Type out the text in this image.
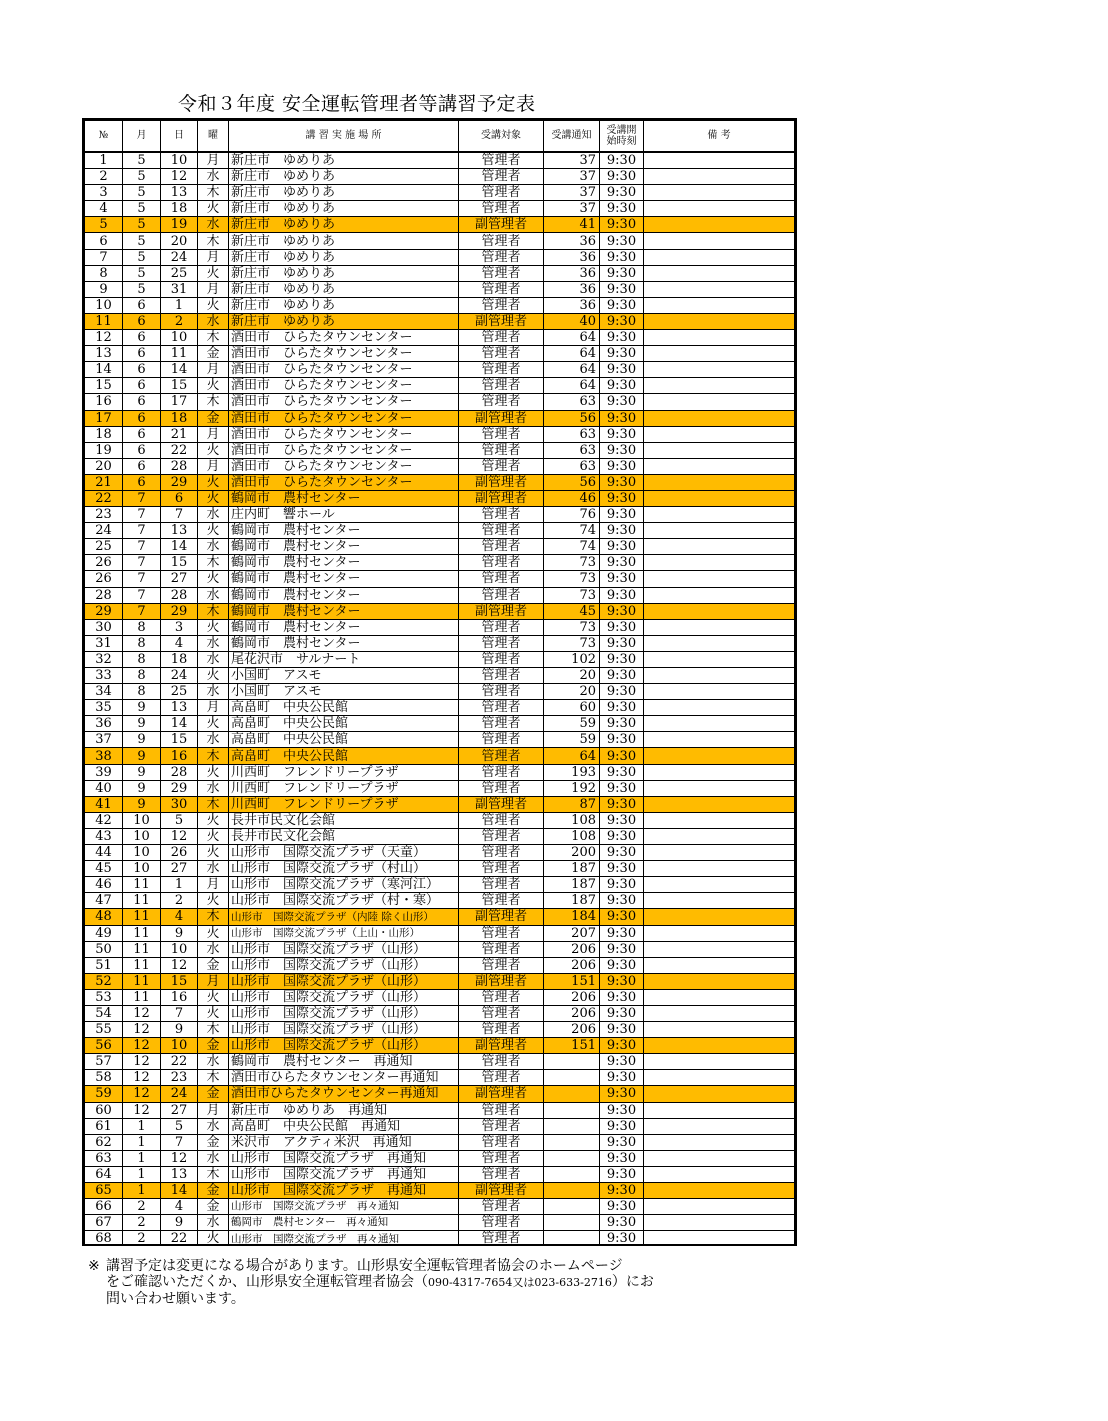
令和３年度 安全運転管理者等講習予定表
№	月	日	曜	講 習 実 施 場 所	受講対象	受講通知	受講開
始時刻	備 考
1	5	10	月	新庄市　ゆめりあ	管理者	37	9:30	
2	5	12	水	新庄市　ゆめりあ	管理者	37	9:30	
3	5	13	木	新庄市　ゆめりあ	管理者	37	9:30	
4	5	18	火	新庄市　ゆめりあ	管理者	37	9:30	
5	5	19	水	新庄市　ゆめりあ	副管理者	41	9:30	
6	5	20	木	新庄市　ゆめりあ	管理者	36	9:30	
7	5	24	月	新庄市　ゆめりあ	管理者	36	9:30	
8	5	25	火	新庄市　ゆめりあ	管理者	36	9:30	
9	5	31	月	新庄市　ゆめりあ	管理者	36	9:30	
10	6	1	火	新庄市　ゆめりあ	管理者	36	9:30	
11	6	2	水	新庄市　ゆめりあ	副管理者	40	9:30	
12	6	10	木	酒田市　ひらたタウンセンター	管理者	64	9:30	
13	6	11	金	酒田市　ひらたタウンセンター	管理者	64	9:30	
14	6	14	月	酒田市　ひらたタウンセンター	管理者	64	9:30	
15	6	15	火	酒田市　ひらたタウンセンター	管理者	64	9:30	
16	6	17	木	酒田市　ひらたタウンセンター	管理者	63	9:30	
17	6	18	金	酒田市　ひらたタウンセンター	副管理者	56	9:30	
18	6	21	月	酒田市　ひらたタウンセンター	管理者	63	9:30	
19	6	22	火	酒田市　ひらたタウンセンター	管理者	63	9:30	
20	6	28	月	酒田市　ひらたタウンセンター	管理者	63	9:30	
21	6	29	火	酒田市　ひらたタウンセンター	副管理者	56	9:30	
22	7	6	火	鶴岡市　農村センター	副管理者	46	9:30	
23	7	7	水	庄内町　響ホール	管理者	76	9:30	
24	7	13	火	鶴岡市　農村センター	管理者	74	9:30	
25	7	14	水	鶴岡市　農村センター	管理者	74	9:30	
26	7	15	木	鶴岡市　農村センター	管理者	73	9:30	
26	7	27	火	鶴岡市　農村センター	管理者	73	9:30	
28	7	28	水	鶴岡市　農村センター	管理者	73	9:30	
29	7	29	木	鶴岡市　農村センター	副管理者	45	9:30	
30	8	3	火	鶴岡市　農村センター	管理者	73	9:30	
31	8	4	水	鶴岡市　農村センター	管理者	73	9:30	
32	8	18	水	尾花沢市　サルナート	管理者	102	9:30	
33	8	24	火	小国町　アスモ	管理者	20	9:30	
34	8	25	水	小国町　アスモ	管理者	20	9:30	
35	9	13	月	高畠町　中央公民館	管理者	60	9:30	
36	9	14	火	高畠町　中央公民館	管理者	59	9:30	
37	9	15	水	高畠町　中央公民館	管理者	59	9:30	
38	9	16	木	高畠町　中央公民館	管理者	64	9:30	
39	9	28	火	川西町　フレンドリープラザ	管理者	193	9:30	
40	9	29	水	川西町　フレンドリープラザ	管理者	192	9:30	
41	9	30	木	川西町　フレンドリープラザ	副管理者	87	9:30	
42	10	5	火	長井市民文化会館	管理者	108	9:30	
43	10	12	火	長井市民文化会館	管理者	108	9:30	
44	10	26	火	山形市　国際交流プラザ（天童）	管理者	200	9:30	
45	10	27	水	山形市　国際交流プラザ（村山）	管理者	187	9:30	
46	11	1	月	山形市　国際交流プラザ（寒河江）	管理者	187	9:30	
47	11	2	火	山形市　国際交流プラザ（村・寒）	管理者	187	9:30	
48	11	4	木	山形市　国際交流プラザ（内陸 除く山形）	副管理者	184	9:30	
49	11	9	火	山形市　国際交流プラザ（上山・山形）	管理者	207	9:30	
50	11	10	水	山形市　国際交流プラザ（山形）	管理者	206	9:30	
51	11	12	金	山形市　国際交流プラザ（山形）	管理者	206	9:30	
52	11	15	月	山形市　国際交流プラザ（山形）	副管理者	151	9:30	
53	11	16	火	山形市　国際交流プラザ（山形）	管理者	206	9:30	
54	12	7	火	山形市　国際交流プラザ（山形）	管理者	206	9:30	
55	12	9	木	山形市　国際交流プラザ（山形）	管理者	206	9:30	
56	12	10	金	山形市　国際交流プラザ（山形）	副管理者	151	9:30	
57	12	22	水	鶴岡市　農村センター　再通知	管理者		9:30	
58	12	23	木	酒田市ひらたタウンセンター再通知	管理者		9:30	
59	12	24	金	酒田市ひらたタウンセンター再通知	副管理者		9:30	
60	12	27	月	新庄市　ゆめりあ　再通知	管理者		9:30	
61	1	5	水	高畠町　中央公民館　再通知	管理者		9:30	
62	1	7	金	米沢市　アクティ米沢　再通知	管理者		9:30	
63	1	12	水	山形市　国際交流プラザ　再通知	管理者		9:30	
64	1	13	木	山形市　国際交流プラザ　再通知	管理者		9:30	
65	1	14	金	山形市　国際交流プラザ　再通知	副管理者		9:30	
66	2	4	金	山形市　国際交流プラザ　再々通知	管理者		9:30	
67	2	9	水	鶴岡市　農村センター　再々通知	管理者		9:30	
68	2	22	火	山形市　国際交流プラザ　再々通知	管理者		9:30	
※ 講習予定は変更になる場合があります。山形県安全運転管理者協会のホームページ
をご確認いただくか、山形県安全運転管理者協会（090-4317-7654又は023-633-2716）にお
問い合わせ願います。
